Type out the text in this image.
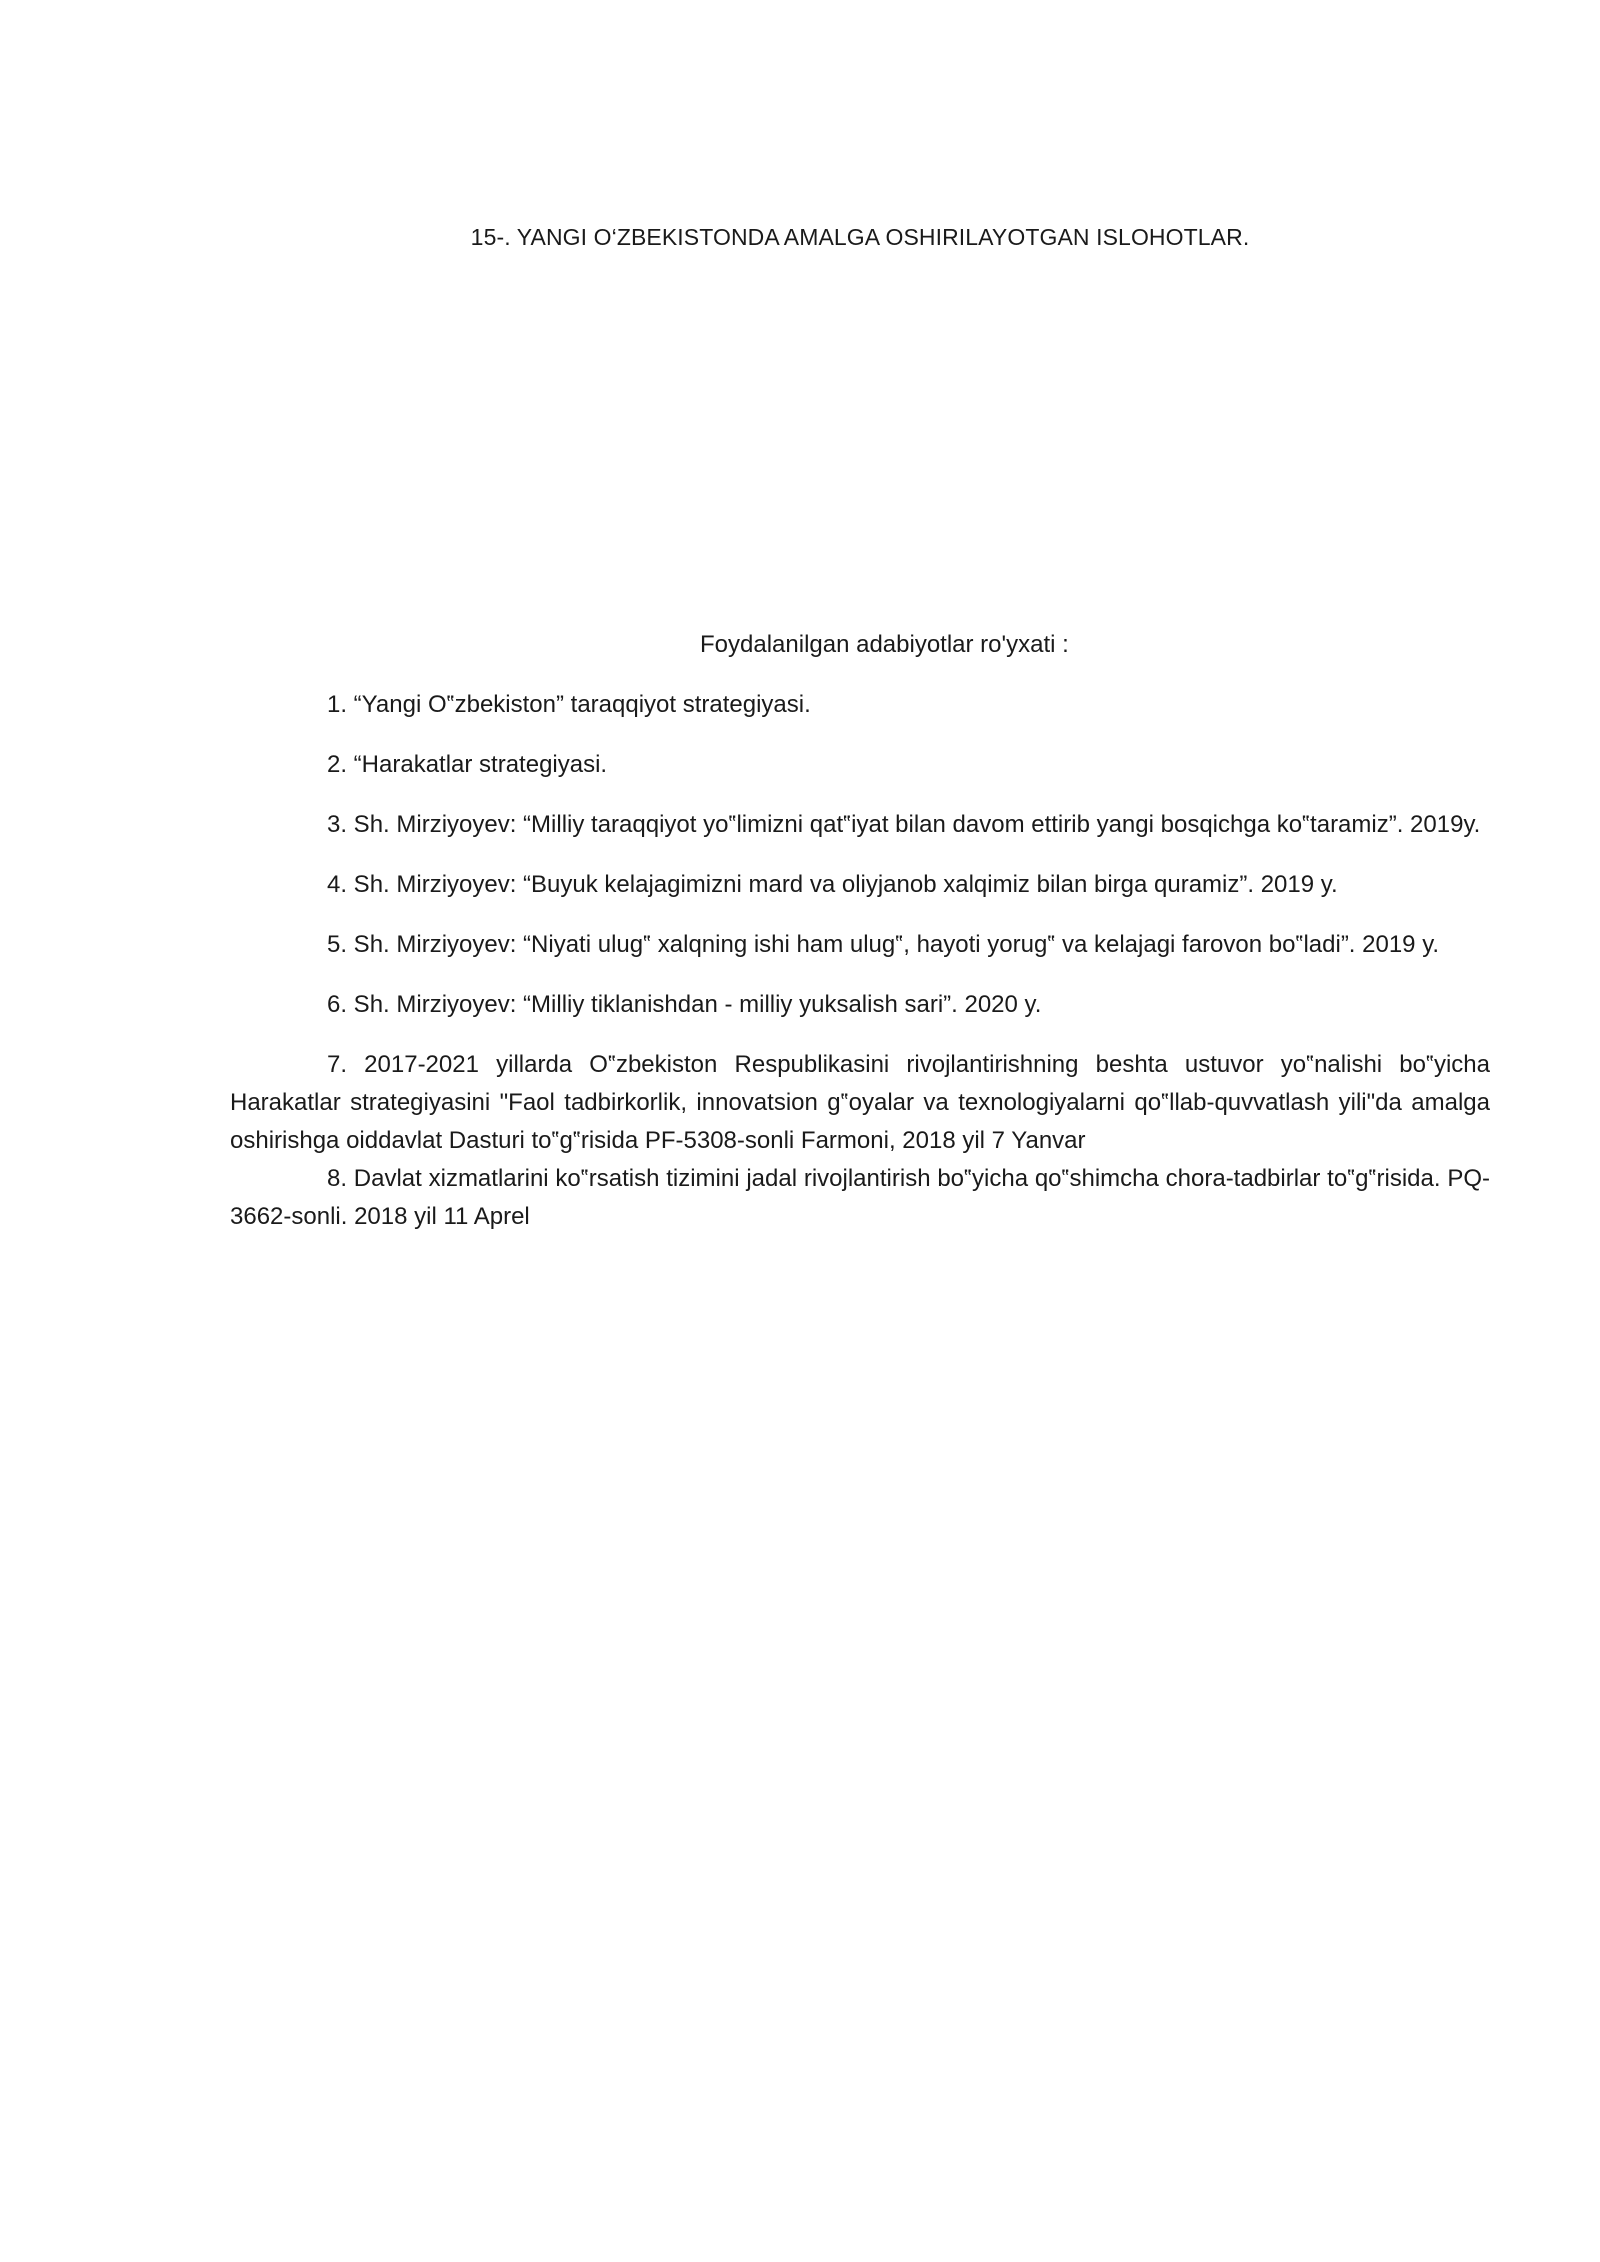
15-. YANGI O‘ZBEKISTONDA AMALGA OSHIRILAYOTGAN ISLOHOTLAR.

Foydalanilgan adabiyotlar ro'yxati :

1. “Yangi O‟zbekiston” taraqqiyot strategiyasi.

2. “Harakatlar strategiyasi.

3. Sh. Mirziyoyev: “Milliy taraqqiyot yo‟limizni qat‟iyat bilan davom ettirib yangi bosqichga ko‟taramiz”. 2019y.

4. Sh. Mirziyoyev: “Buyuk kelajagimizni mard va oliyjanob xalqimiz bilan birga quramiz”. 2019 y.

5. Sh. Mirziyoyev: “Niyati ulug‟ xalqning ishi ham ulug‟, hayoti yorug‟ va kelajagi farovon bo‟ladi”. 2019 y.

6. Sh. Mirziyoyev: “Milliy tiklanishdan - milliy yuksalish sari”. 2020 y.

7. 2017-2021 yillarda O‟zbekiston Respublikasini rivojlantirishning beshta ustuvor yo‟nalishi bo‟yicha Harakatlar strategiyasini "Faol tadbirkorlik, innovatsion g‟oyalar va texnologiyalarni qo‟llab-quvvatlash yili"da amalga oshirishga oiddavlat Dasturi to‟g‟risida PF-5308-sonli Farmoni, 2018 yil 7 Yanvar

8. Davlat xizmatlarini ko‟rsatish tizimini jadal rivojlantirish bo‟yicha qo‟shimcha chora-tadbirlar to‟g‟risida. PQ-3662-sonli. 2018 yil 11 Aprel
